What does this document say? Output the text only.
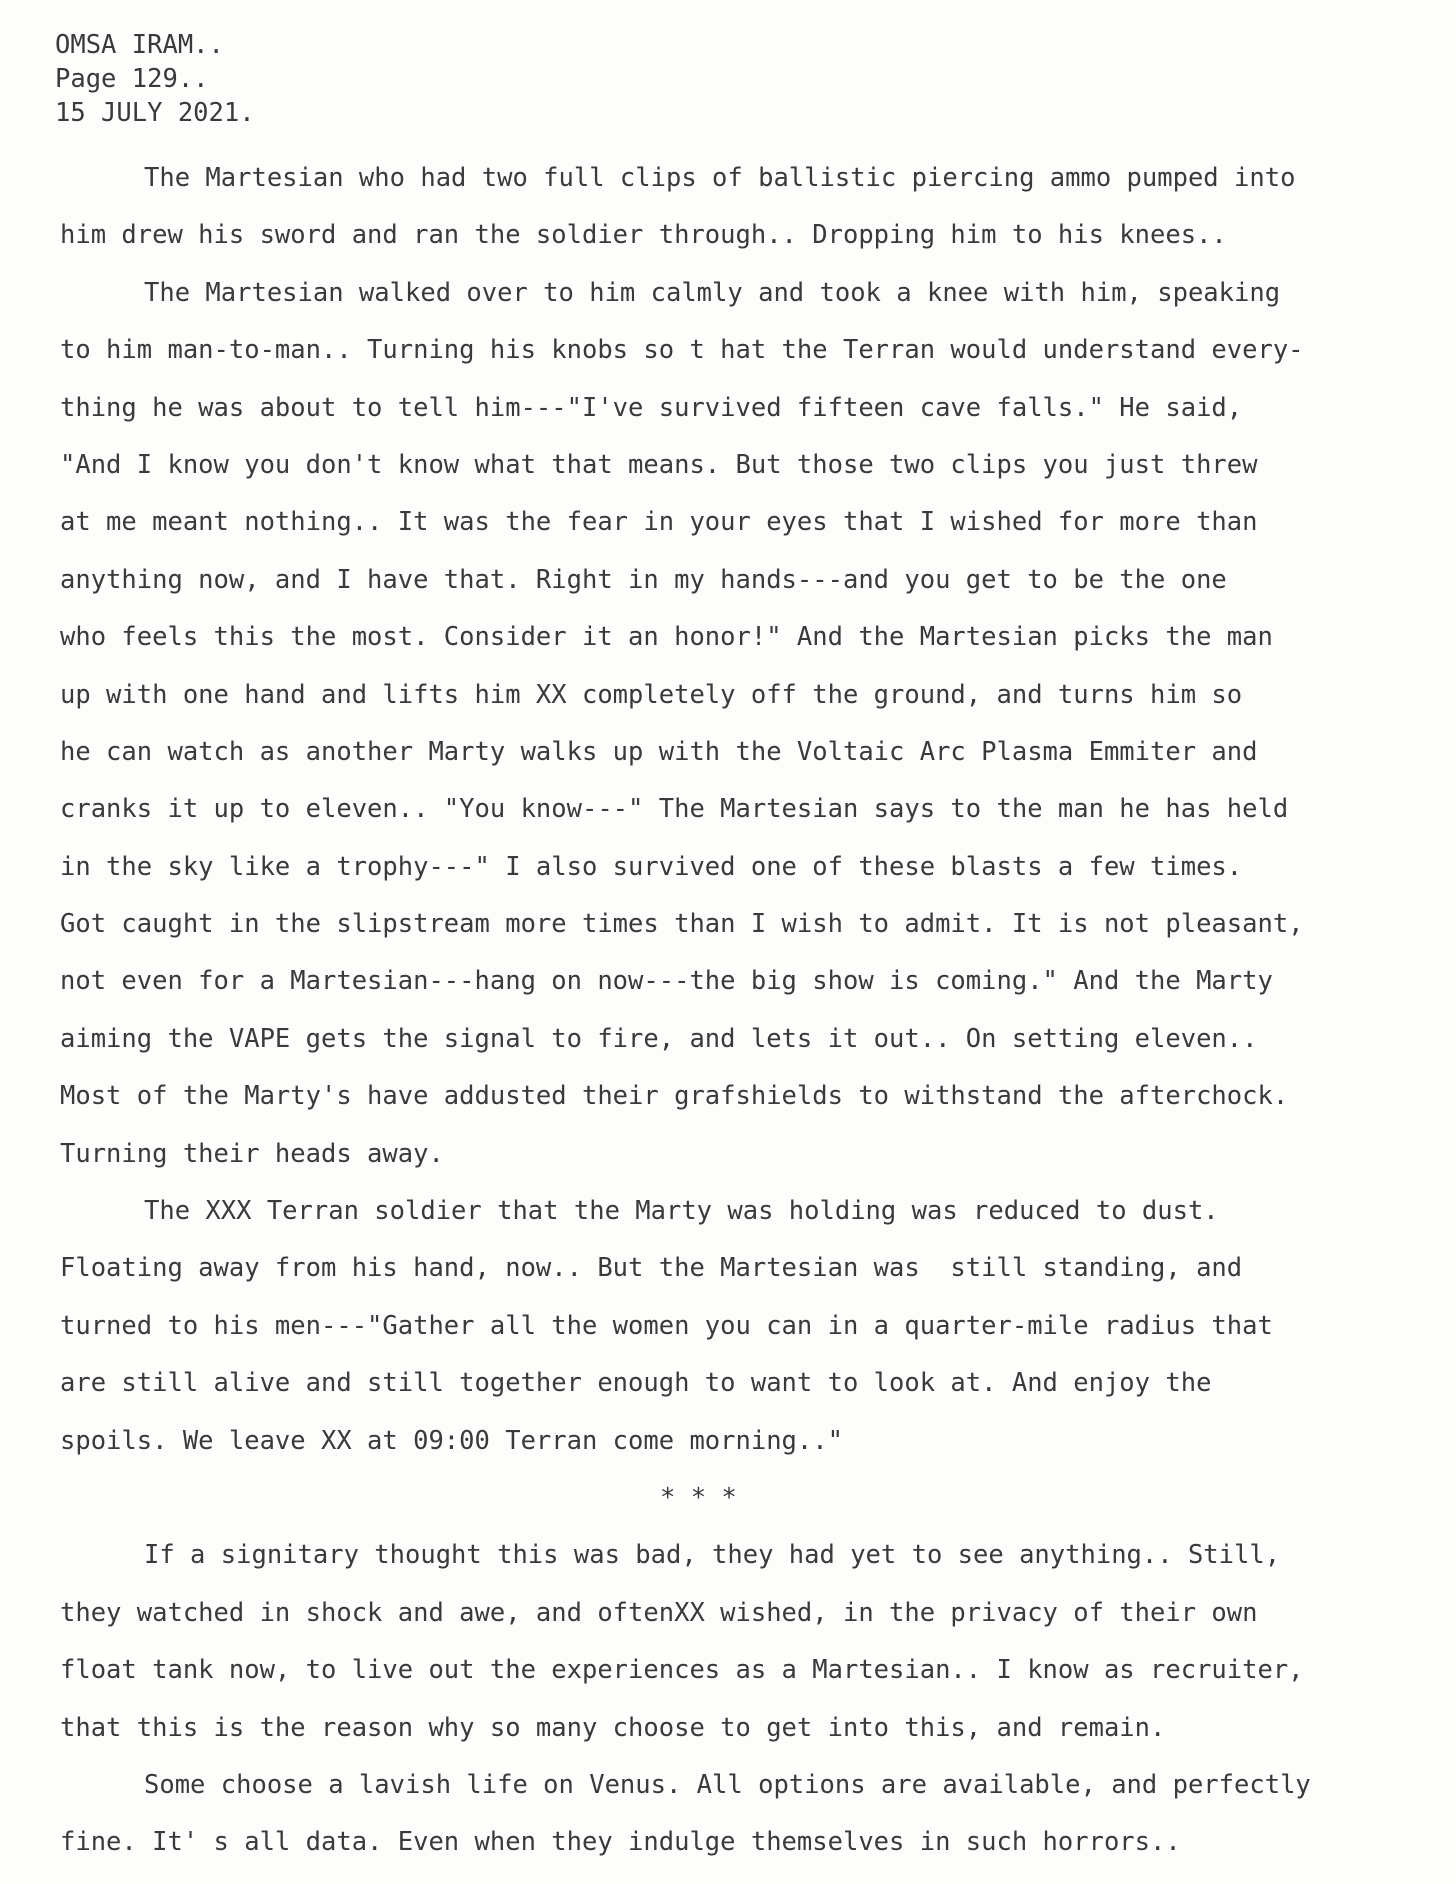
OMSA IRAM..
Page 129..
15 JULY 2021.
The Martesian who had two full clips of ballistic piercing ammo pumped into
him drew his sword and ran the soldier through.. Dropping him to his knees..
The Martesian walked over to him calmly and took a knee with him, speaking
to him man-to-man.. Turning his knobs so t hat the Terran would understand every-
thing he was about to tell him---"I've survived fifteen cave falls." He said,
"And I know you don't know what that means. But those two clips you just threw
at me meant nothing.. It was the fear in your eyes that I wished for more than
anything now, and I have that. Right in my hands---and you get to be the one
who feels this the most. Consider it an honor!" And the Martesian picks the man
up with one hand and lifts him XX completely off the ground, and turns him so
he can watch as another Marty walks up with the Voltaic Arc Plasma Emmiter and
cranks it up to eleven.. "You know---" The Martesian says to the man he has held
in the sky like a trophy---" I also survived one of these blasts a few times.
Got caught in the slipstream more times than I wish to admit. It is not pleasant,
not even for a Martesian---hang on now---the big show is coming." And the Marty
aiming the VAPE gets the signal to fire, and lets it out.. On setting eleven..
Most of the Marty's have addusted their grafshields to withstand the afterchock.
Turning their heads away.
The XXX Terran soldier that the Marty was holding was reduced to dust.
Floating away from his hand, now.. But the Martesian was  still standing, and
turned to his men---"Gather all the women you can in a quarter-mile radius that
are still alive and still together enough to want to look at. And enjoy the
spoils. We leave XX at 09:00 Terran come morning.."
* * *
If a signitary thought this was bad, they had yet to see anything.. Still,
they watched in shock and awe, and oftenXX wished, in the privacy of their own
float tank now, to live out the experiences as a Martesian.. I know as recruiter,
that this is the reason why so many choose to get into this, and remain.
Some choose a lavish life on Venus. All options are available, and perfectly
fine. It' s all data. Even when they indulge themselves in such horrors..
